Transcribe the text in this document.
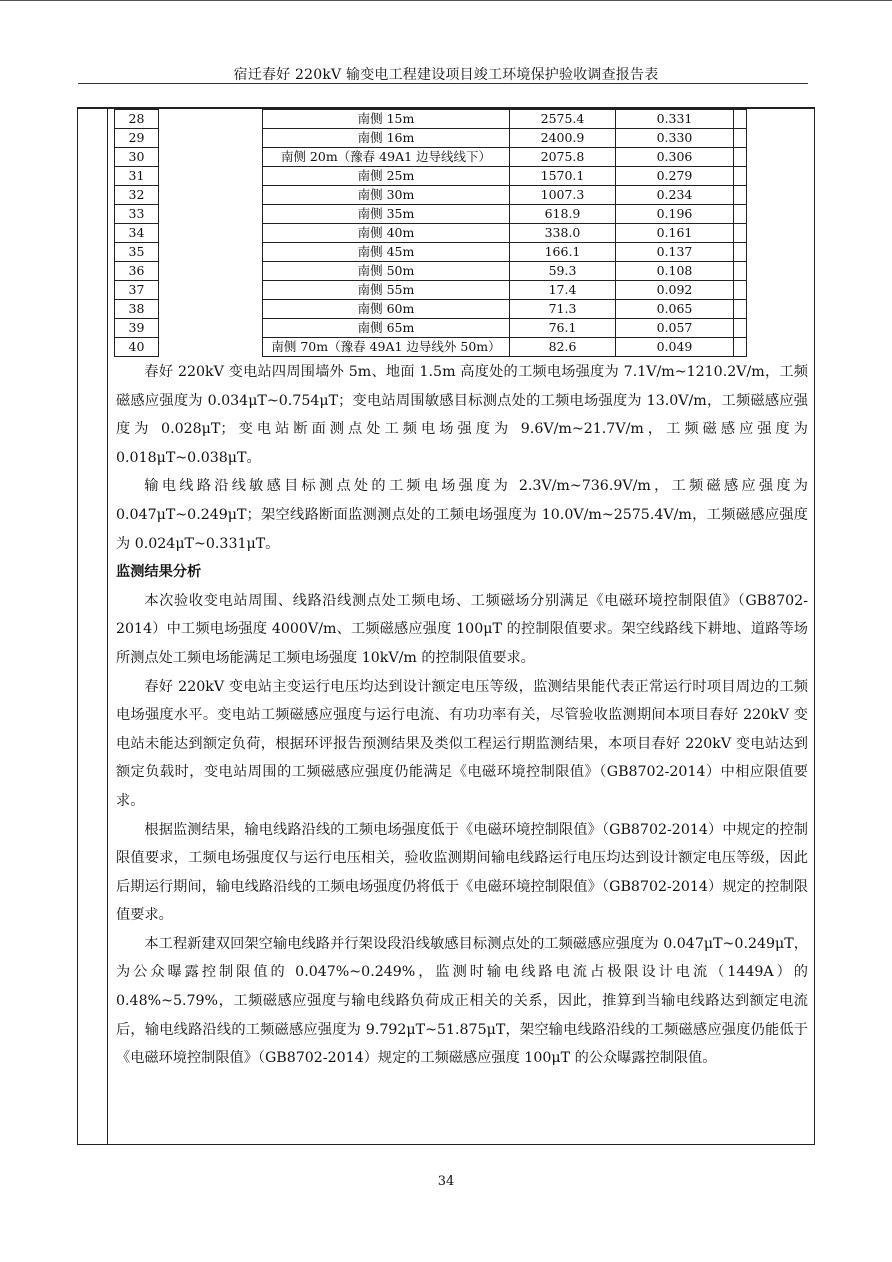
宿迁春好 220kV 输变电工程建设项目竣工环境保护验收调查报告表
28		南侧 15m	2575.4	0.331	
29		南侧 16m	2400.9	0.330	
30		南侧 20m（豫春 49A1 边导线线下）	2075.8	0.306	
31		南侧 25m	1570.1	0.279	
32		南侧 30m	1007.3	0.234	
33		南侧 35m	618.9	0.196	
34		南侧 40m	338.0	0.161	
35		南侧 45m	166.1	0.137	
36		南侧 50m	59.3	0.108	
37		南侧 55m	17.4	0.092	
38		南侧 60m	71.3	0.065	
39		南侧 65m	76.1	0.057	
40		南侧 70m（豫春 49A1 边导线外 50m）	82.6	0.049	

春好 220kV 变电站四周围墙外 5m、地面 1.5m 高度处的工频电场强度为 7.1V/m~1210.2V/m，工频磁感应强度为 0.034μT~0.754μT；变电站周围敏感目标测点处的工频电场强度为 13.0V/m，工频磁感应强度为 0.028μT；变电站断面测点处工频电场强度为 9.6V/m~21.7V/m，工频磁感应强度为 0.018μT~0.038μT。

输电线路沿线敏感目标测点处的工频电场强度为 2.3V/m~736.9V/m，工频磁感应强度为 0.047μT~0.249μT；架空线路断面监测测点处的工频电场强度为 10.0V/m~2575.4V/m，工频磁感应强度为 0.024μT~0.331μT。

监测结果分析

本次验收变电站周围、线路沿线测点处工频电场、工频磁场分别满足《电磁环境控制限值》（GB8702-2014）中工频电场强度 4000V/m、工频磁感应强度 100μT 的控制限值要求。架空线路线下耕地、道路等场所测点处工频电场能满足工频电场强度 10kV/m 的控制限值要求。

春好 220kV 变电站主变运行电压均达到设计额定电压等级，监测结果能代表正常运行时项目周边的工频电场强度水平。变电站工频磁感应强度与运行电流、有功功率有关，尽管验收监测期间本项目春好 220kV 变电站未能达到额定负荷，根据环评报告预测结果及类似工程运行期监测结果，本项目春好 220kV 变电站达到额定负载时，变电站周围的工频磁感应强度仍能满足《电磁环境控制限值》（GB8702-2014）中相应限值要求。

根据监测结果，输电线路沿线的工频电场强度低于《电磁环境控制限值》（GB8702-2014）中规定的控制限值要求，工频电场强度仅与运行电压相关，验收监测期间输电线路运行电压均达到设计额定电压等级，因此后期运行期间，输电线路沿线的工频电场强度仍将低于《电磁环境控制限值》（GB8702-2014）规定的控制限值要求。

本工程新建双回架空输电线路并行架设段沿线敏感目标测点处的工频磁感应强度为 0.047μT~0.249μT，为公众曝露控制限值的 0.047%~0.249%，监测时输电线路电流占极限设计电流（1449A）的 0.48%~5.79%，工频磁感应强度与输电线路负荷成正相关的关系，因此，推算到当输电线路达到额定电流后，输电线路沿线的工频磁感应强度为 9.792μT~51.875μT，架空输电线路沿线的工频磁感应强度仍能低于《电磁环境控制限值》（GB8702-2014）规定的工频磁感应强度 100μT 的公众曝露控制限值。

34
